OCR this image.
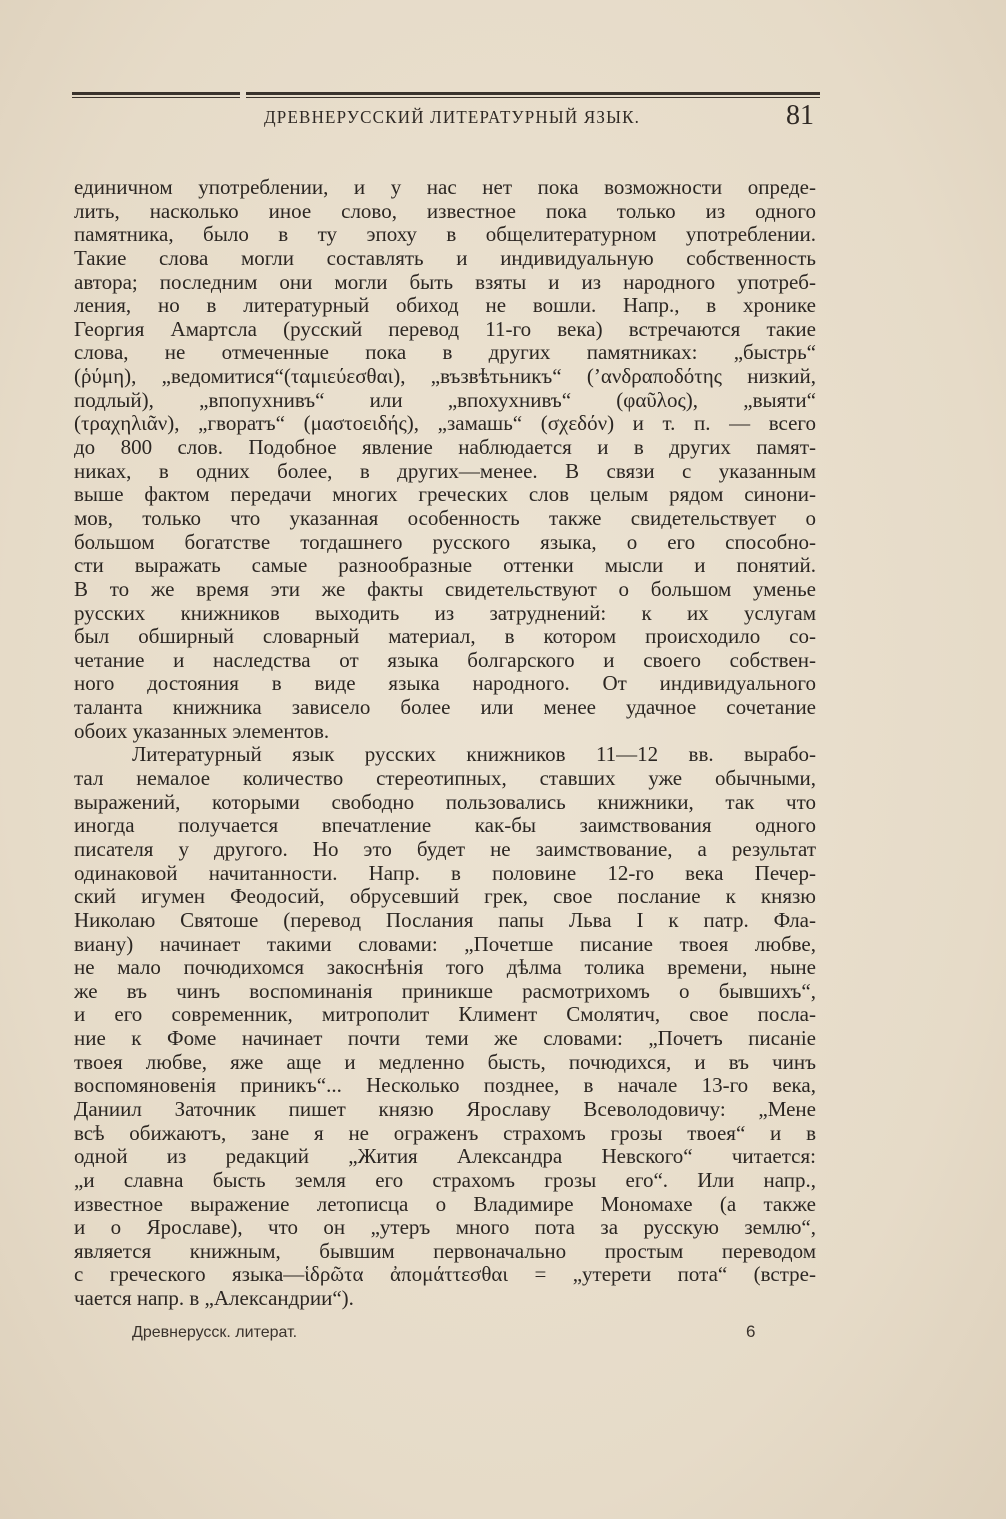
ДРЕВНЕРУССКИЙ ЛИТЕРАТУРНЫЙ ЯЗЫК.	81
единичном употреблении, и у нас нет пока возможности опреде-
лить, насколько иное слово, известное пока только из одного
памятника, было в ту эпоху в общелитературном употреблении.
Такие слова могли составлять и индивидуальную собственность
автора; последним они могли быть взяты и из народного употреб-
ления, но в литературный обиход не вошли. Напр., в хронике
Георгия Амартсла (русский перевод 11-го века) встречаются такие
слова, не отмеченные пока в других памятниках: „быстрь“
(ῥύμη), „ведомитися“(ταμιεύεσθαι), „възвѣтьникъ“ (’ανδραποδότης низкий,
подлый), „впопухнивъ“ или „впохухнивъ“ (φαῦλος), „выяти“
(τραχηλιᾶν), „гворатъ“ (μαστοειδής), „замашь“ (σχεδόν) и т. п. — всего
до 800 слов. Подобное явление наблюдается и в других памят-
никах, в одних более, в других—менее. В связи с указанным
выше фактом передачи многих греческих слов целым рядом синони-
мов, только что указанная особенность также свидетельствует о
большом богатстве тогдашнего русского языка, о его способно-
сти выражать самые разнообразные оттенки мысли и понятий.
В то же время эти же факты свидетельствуют о большом уменье
русских книжников выходить из затруднений: к их услугам
был обширный словарный материал, в котором происходило со-
четание и наследства от языка болгарского и своего собствен-
ного достояния в виде языка народного. От индивидуального
таланта книжника зависело более или менее удачное сочетание
обоих указанных элементов.
Литературный язык русских книжников 11—12 вв. вырабо-
тал немалое количество стереотипных, ставших уже обычными,
выражений, которыми свободно пользовались книжники, так что
иногда получается впечатление как-бы заимствования одного
писателя у другого. Но это будет не заимствование, а результат
одинаковой начитанности. Напр. в половине 12-го века Печер-
ский игумен Феодосий, обрусевший грек, свое послание к князю
Николаю Святоше (перевод Послания папы Льва I к патр. Фла-
виану) начинает такими словами: „Почетше писание твоея любве,
не мало почюдихомся закоснѣнія того дѣлма толика времени, ныне
же въ чинъ воспоминанія приникше расмотрихомъ о бывшихъ“,
и его современник, митрополит Климент Смолятич, свое посла-
ние к Фоме начинает почти теми же словами: „Почетъ писаніе
твоея любве, яже аще и медленно бысть, почюдихся, и въ чинъ
воспомяновенія приникъ“... Несколько позднее, в начале 13-го века,
Даниил Заточник пишет князю Ярославу Всеволодовичу: „Мене
всѣ обижаютъ, зане я не ограженъ страхомъ грозы твоея“ и в
одной из редакций „Жития Александра Невского“ читается:
„и славна бысть земля его страхомъ грозы его“. Или напр.,
известное выражение летописца о Владимире Мономахе (а также
и о Ярославе), что он „утеръ много пота за русскую землю“,
является книжным, бывшим первоначально простым переводом
с греческого языка—ἱδρῶτα ἀπομάττεσθαι = „утерети пота“ (встре-
чается напр. в „Александрии“).
Древнерусск. литерат.	6
